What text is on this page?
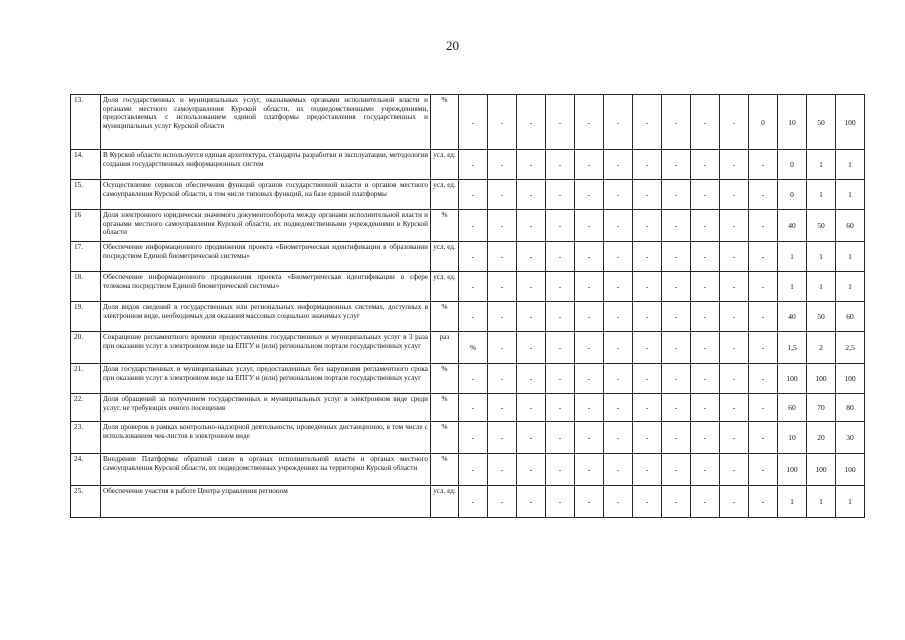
20
13.	Доля государственных и муниципальных услуг, оказываемых органами исполнительной власти и органами местного самоуправления Курской области, их подведомственными учреждениями, предоставляемых с использованием единой платформы предоставления государственных и муниципальных услуг Курской области	%	-	-	-	-	-	-	-	-	-	-	0	10	50	100
14.	В Курской области используется единая архитектура, стандарты разработки и эксплуатации, методология создания государственных информационных систем	усл. ед.	-	-	-	-	-	-	-	-	-	-	-	0	1	1
15.	Осуществление сервисов обеспечения функций органов государственной власти и органов местного самоуправления Курской области, в том числе типовых функций, на базе единой платформы	усл. ед.	-	-	-	-	-	-	-	-	-	-	-	0	1	1
16	Доля электронного юридически значимого документооборота между органами исполнительной власти и органами местного самоуправления Курской области, их подведомственными учреждениями в Курской области	%	-	-	-	-	-	-	-	-	-	-	-	40	50	60
17.	Обеспечение информационного продвижения проекта «Биометрическая идентификации в образовании посредством Единой биометрической системы»	усл. ед.	-	-	-	-	-	-	-	-	-	-	-	1	1	1
18.	Обеспечение информационного продвижения проекта «Биометрическая идентификации в сфере телекома посредством Единой биометрической системы»	усл. ед.	-	-	-	-	-	-	-	-	-	-	-	1	1	1
19.	Доля видов сведений в государственных или региональных информационных системах, доступных в электронном виде, необходимых для оказания массовых социально значимых услуг	%	-	-	-	-	-	-	-	-	-	-	-	40	50	60
20.	Сокращение регламентного времени предоставления государственных и муниципальных услуг в 3 раза при оказании услуг в электронном виде на ЕПГУ и (или) региональном портале государственных услуг	раз	%	-	-	-	-	-	-	-	-	-	-	1,5	2	2,5
21.	Доля государственных и муниципальных услуг, предоставленных без нарушения регламентного срока при оказании услуг в электронном виде на ЕПГУ и (или) региональном портале государственных услуг	%	-	-	-	-	-	-	-	-	-	-	-	100	100	100
22.	Доля обращений за получением государственных и муниципальных услуг в электронном виде среди услуг, не требующих очного посещения	%	-	-	-	-	-	-	-	-	-	-	-	60	70	80
23.	Доля проверок в рамках контрольно-надзорной деятельности, проведенных дистанционно, в том числе с использованием чек-листов в электронном виде	%	-	-	-	-	-	-	-	-	-	-	-	10	20	30
24.	Внедрение Платформы обратной связи в органах исполнительной власти и органах местного самоуправления Курской области, их подведомственных учреждениях на территории Курской области	%	-	-	-	-	-	-	-	-	-	-	-	100	100	100
25.	Обеспечение участия в работе Центра управления регионом	усл. ед.	-	-	-	-	-	-	-	-	-	-	-	1	1	1
